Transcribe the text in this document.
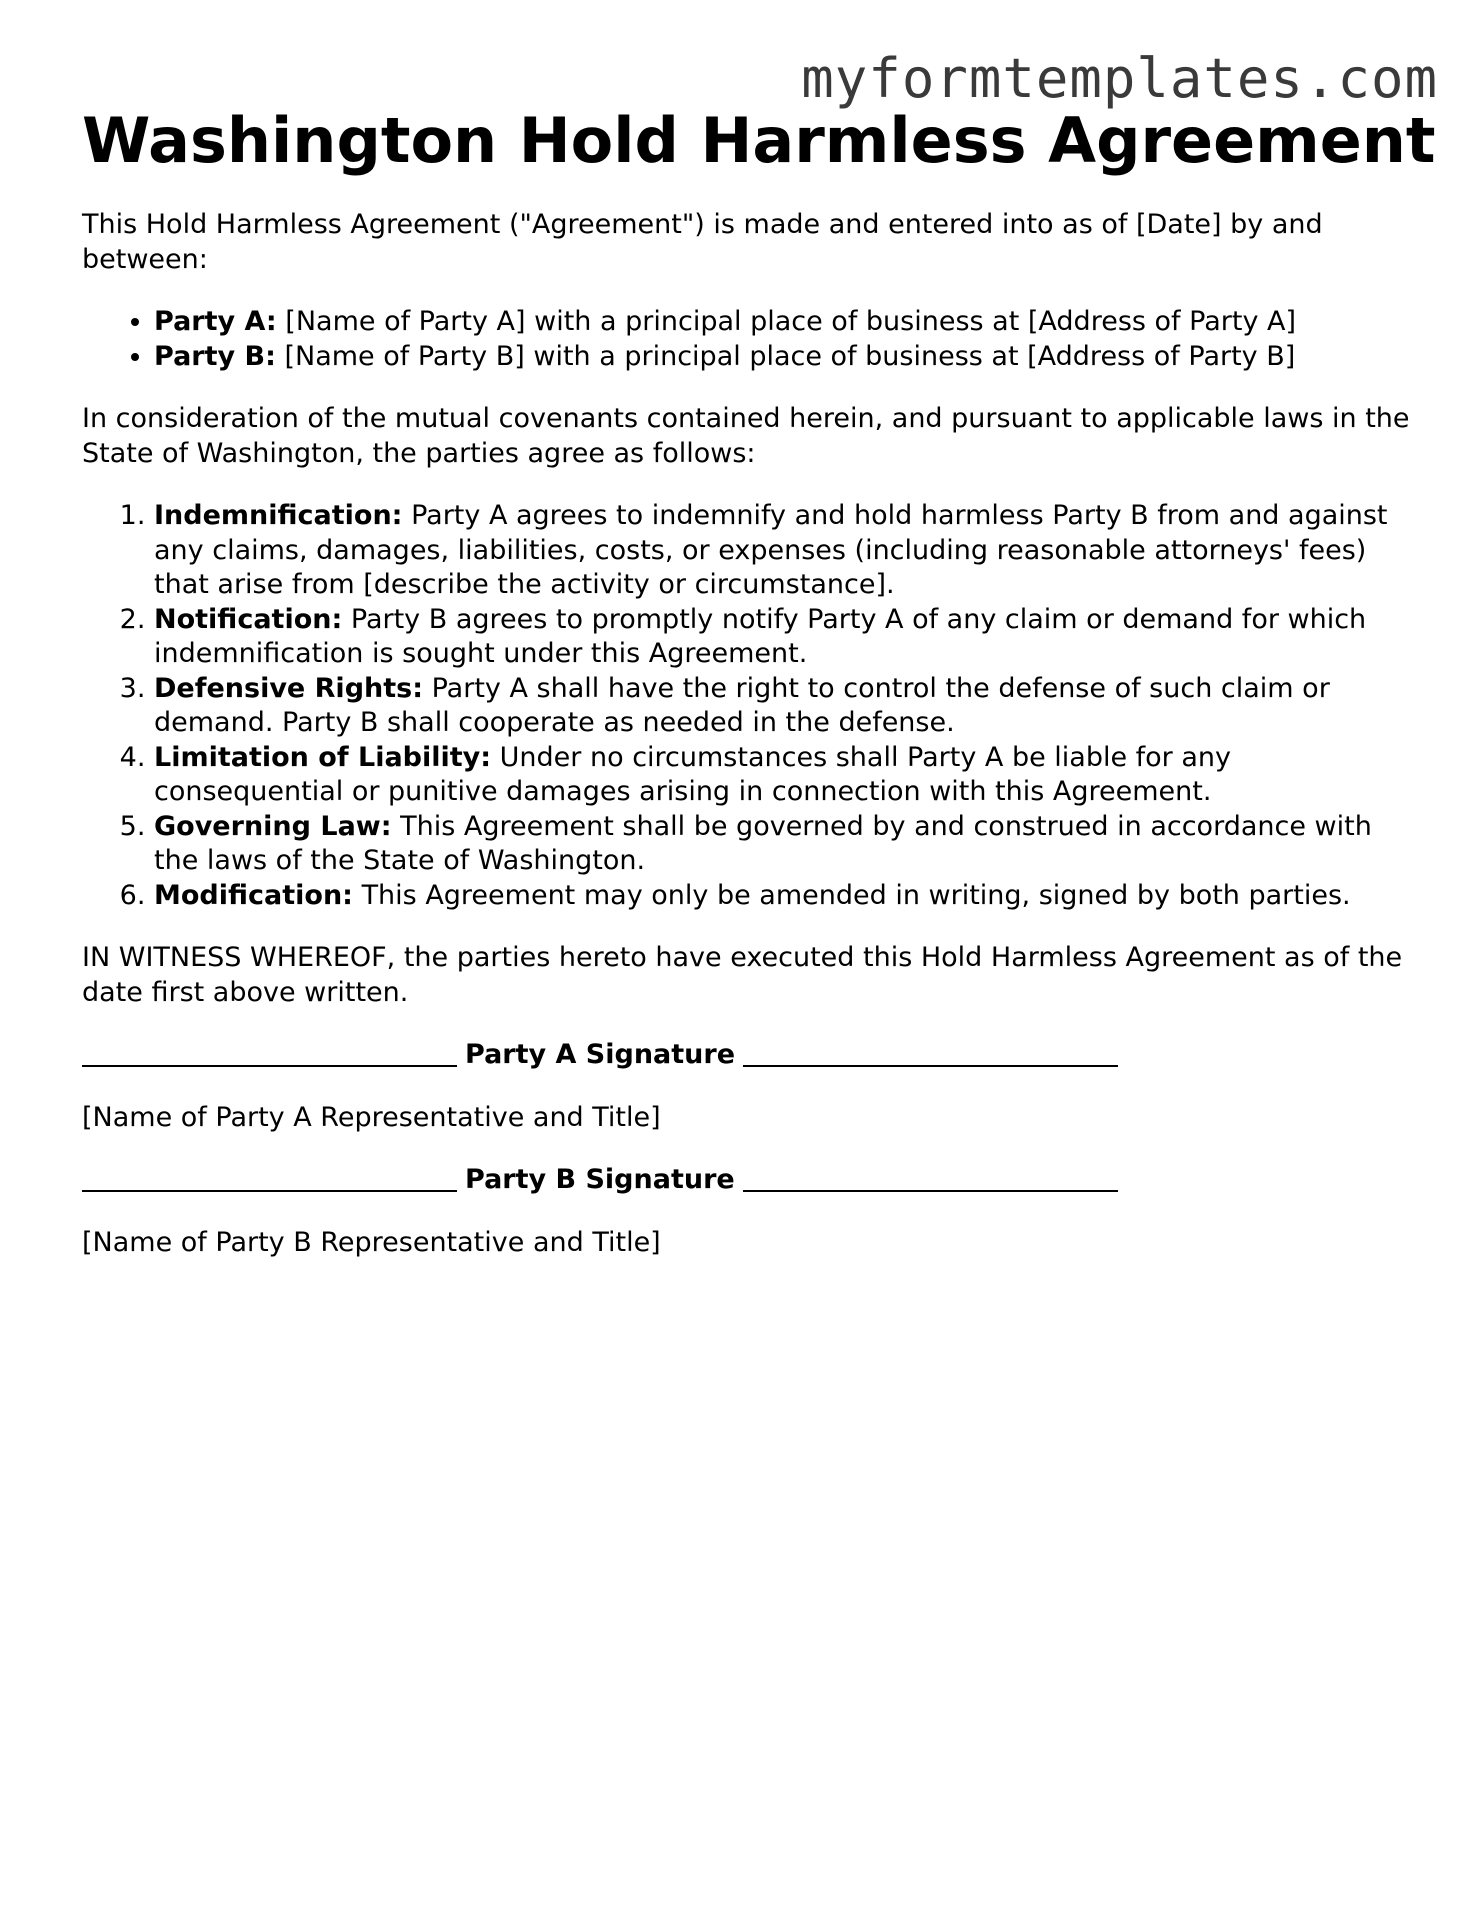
myformtemplates.com
Washington Hold Harmless Agreement

This Hold Harmless Agreement ("Agreement") is made and entered into as of [Date] by and between:

• Party A: [Name of Party A] with a principal place of business at [Address of Party A]
• Party B: [Name of Party B] with a principal place of business at [Address of Party B]

In consideration of the mutual covenants contained herein, and pursuant to applicable laws in the State of Washington, the parties agree as follows:

1. Indemnification: Party A agrees to indemnify and hold harmless Party B from and against any claims, damages, liabilities, costs, or expenses (including reasonable attorneys' fees) that arise from [describe the activity or circumstance].
2. Notification: Party B agrees to promptly notify Party A of any claim or demand for which indemnification is sought under this Agreement.
3. Defensive Rights: Party A shall have the right to control the defense of such claim or demand. Party B shall cooperate as needed in the defense.
4. Limitation of Liability: Under no circumstances shall Party A be liable for any consequential or punitive damages arising in connection with this Agreement.
5. Governing Law: This Agreement shall be governed by and construed in accordance with the laws of the State of Washington.
6. Modification: This Agreement may only be amended in writing, signed by both parties.

IN WITNESS WHEREOF, the parties hereto have executed this Hold Harmless Agreement as of the date first above written.

Party A Signature

[Name of Party A Representative and Title]

Party B Signature

[Name of Party B Representative and Title]
